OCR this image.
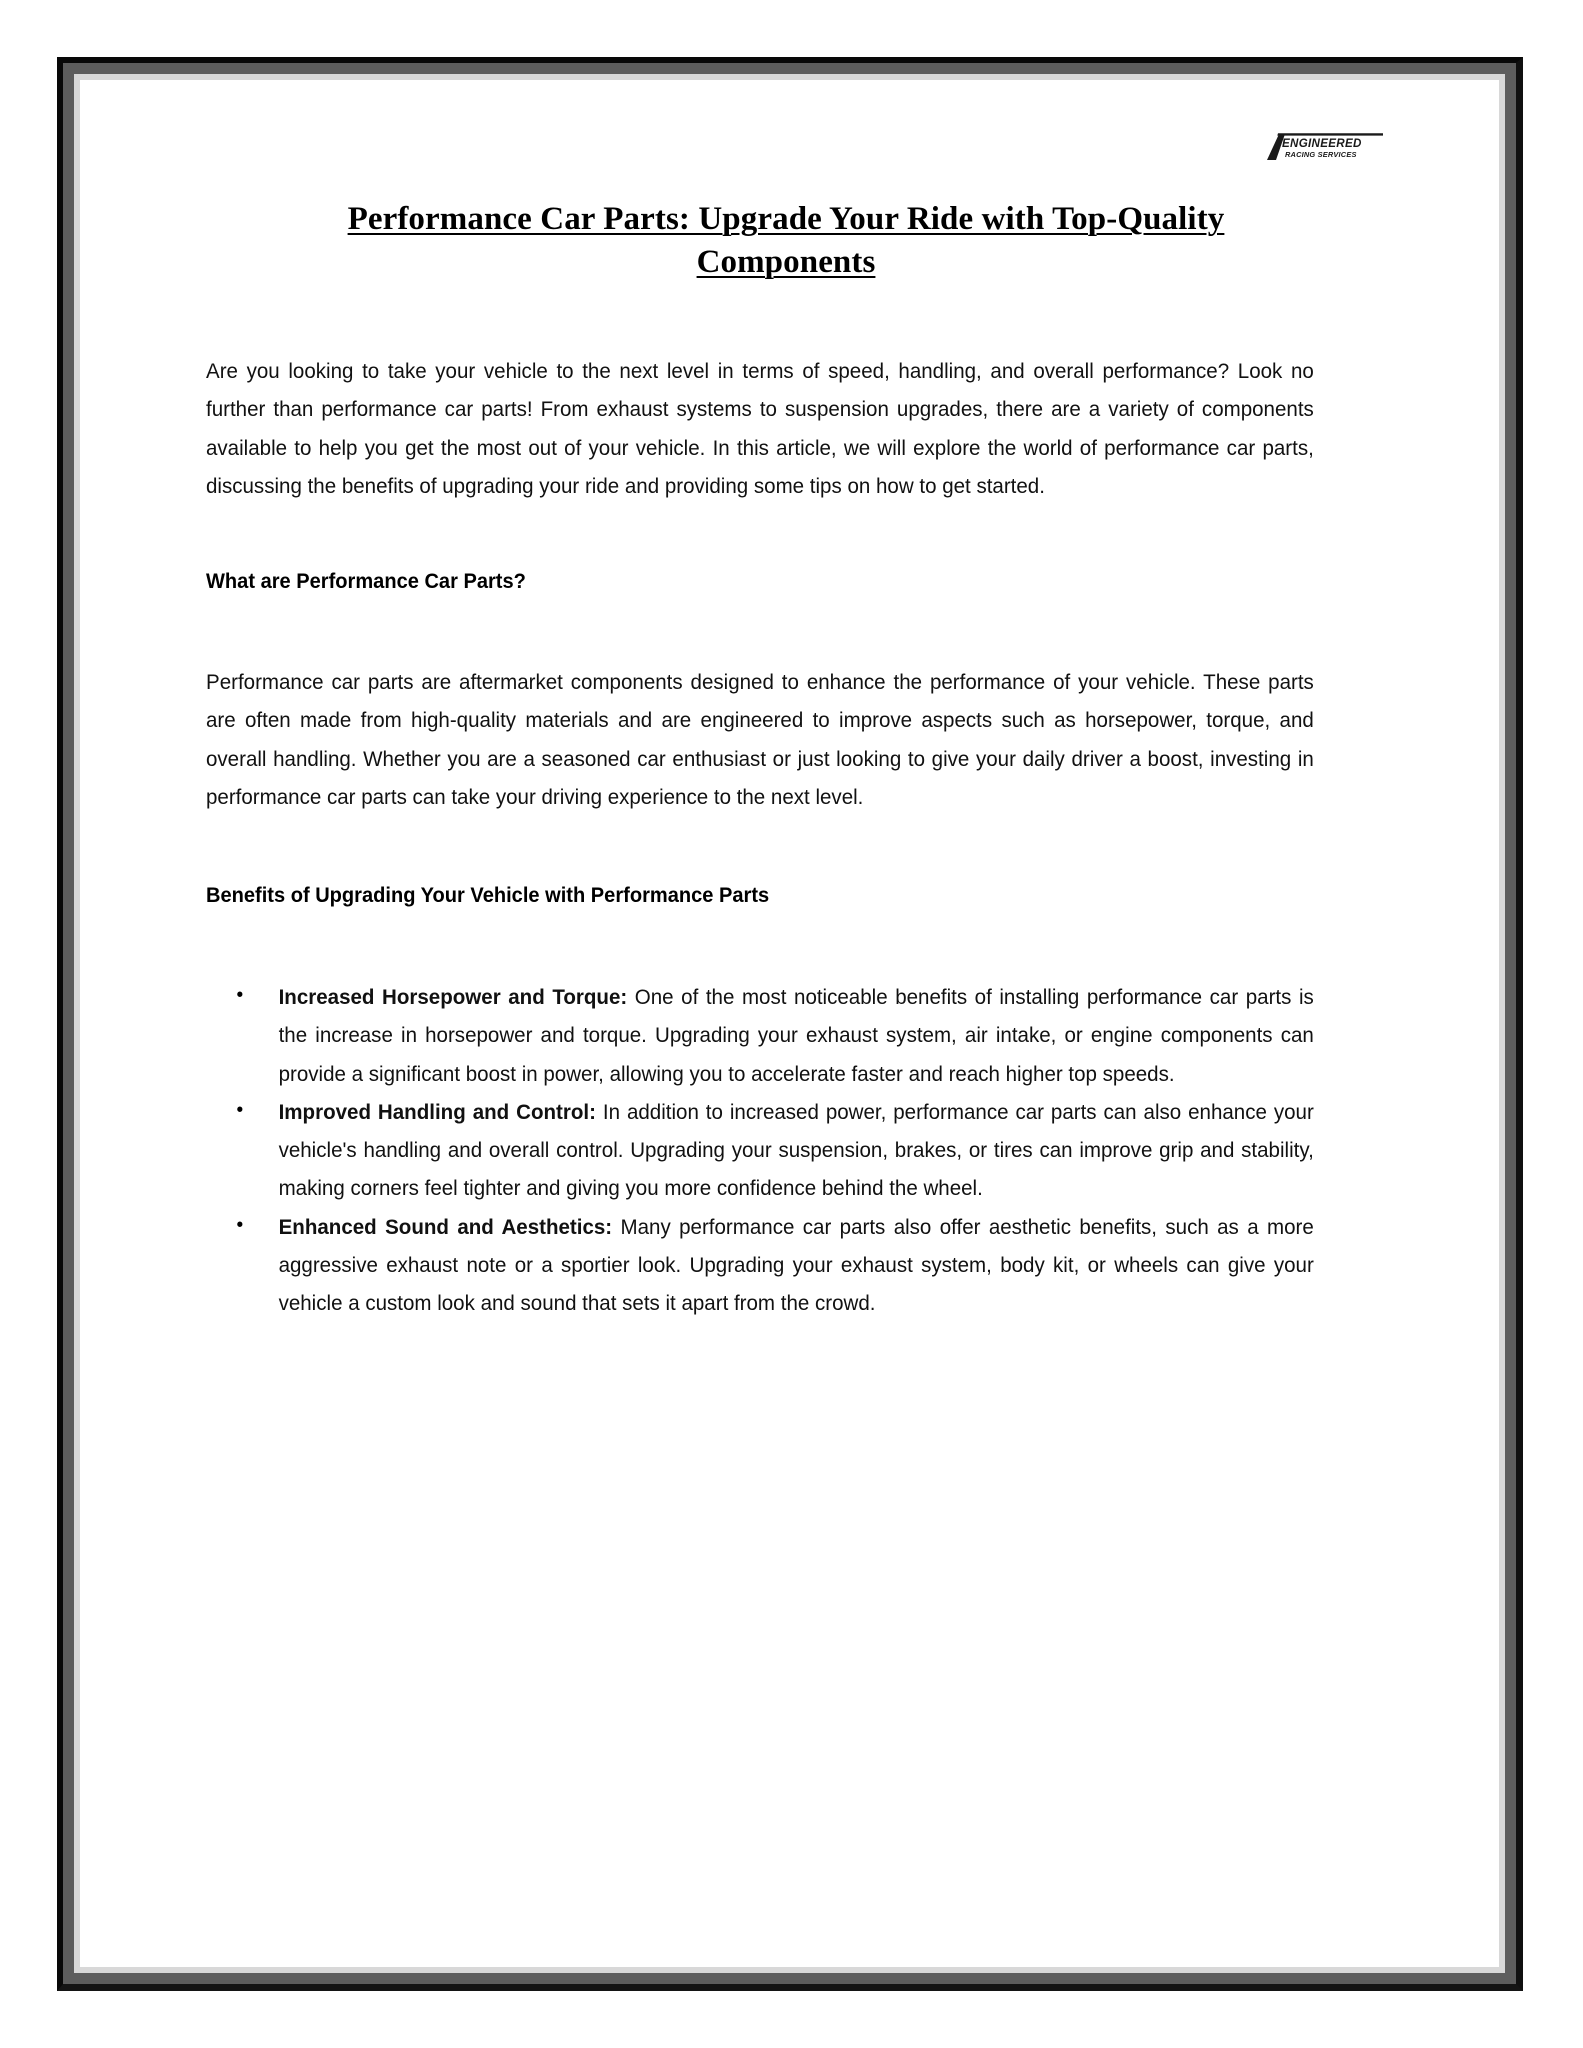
ENGINEERED
RACING SERVICES
Performance Car Parts: Upgrade Your Ride with Top-Quality
Components

Are you looking to take your vehicle to the next level in terms of speed, handling, and overall performance? Look no further than performance car parts! From exhaust systems to suspension upgrades, there are a variety of components available to help you get the most out of your vehicle. In this article, we will explore the world of performance car parts, discussing the benefits of upgrading your ride and providing some tips on how to get started.

What are Performance Car Parts?

Performance car parts are aftermarket components designed to enhance the performance of your vehicle. These parts are often made from high-quality materials and are engineered to improve aspects such as horsepower, torque, and overall handling. Whether you are a seasoned car enthusiast or just looking to give your daily driver a boost, investing in performance car parts can take your driving experience to the next level.

Benefits of Upgrading Your Vehicle with Performance Parts
• Increased Horsepower and Torque: One of the most noticeable benefits of installing performance car parts is the increase in horsepower and torque. Upgrading your exhaust system, air intake, or engine components can provide a significant boost in power, allowing you to accelerate faster and reach higher top speeds.
• Improved Handling and Control: In addition to increased power, performance car parts can also enhance your vehicle's handling and overall control. Upgrading your suspension, brakes, or tires can improve grip and stability, making corners feel tighter and giving you more confidence behind the wheel.
• Enhanced Sound and Aesthetics: Many performance car parts also offer aesthetic benefits, such as a more aggressive exhaust note or a sportier look. Upgrading your exhaust system, body kit, or wheels can give your vehicle a custom look and sound that sets it apart from the crowd.
